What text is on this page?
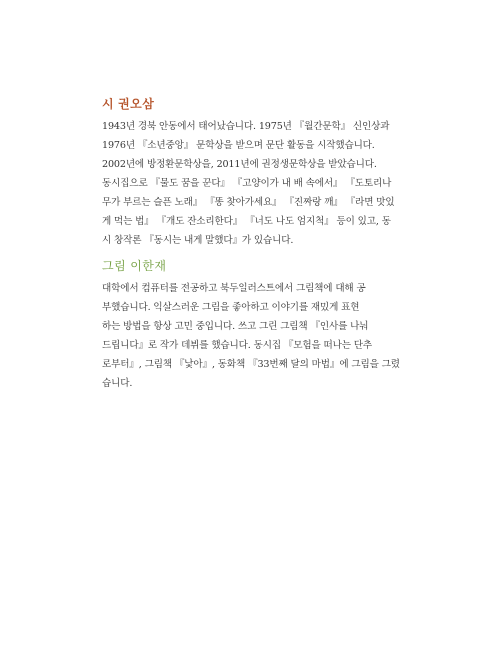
시 권오삼
1943년 경북 안동에서 태어났습니다. 1975년 『월간문학』 신인상과
1976년 『소년중앙』 문학상을 받으며 문단 활동을 시작했습니다.
2002년에 방정환문학상을, 2011년에 권정생문학상을 받았습니다.
동시집으로 『물도 꿈을 꾼다』 『고양이가 내 배 속에서』 『도토리나
무가 부르는 슬픈 노래』 『똥 찾아가세요』 『진짜랑 깨』 『라면 맛있
게 먹는 법』 『개도 잔소리한다』 『너도 나도 엄지척』 등이 있고, 동
시 창작론 『동시는 내게 말했다』가 있습니다.
그림 이한재
대학에서 컴퓨터를 전공하고 북두일러스트에서 그림책에 대해 공
부했습니다. 익살스러운 그림을 좋아하고 이야기를 재밌게 표현
하는 방법을 항상 고민 중입니다. 쓰고 그린 그림책 『인사를 나눠
드립니다』로 작가 데뷔를 했습니다. 동시집 『모험을 떠나는 단추
로부터』, 그림책 『낯아』, 동화책 『33번째 달의 마법』에 그림을 그렸
습니다.
